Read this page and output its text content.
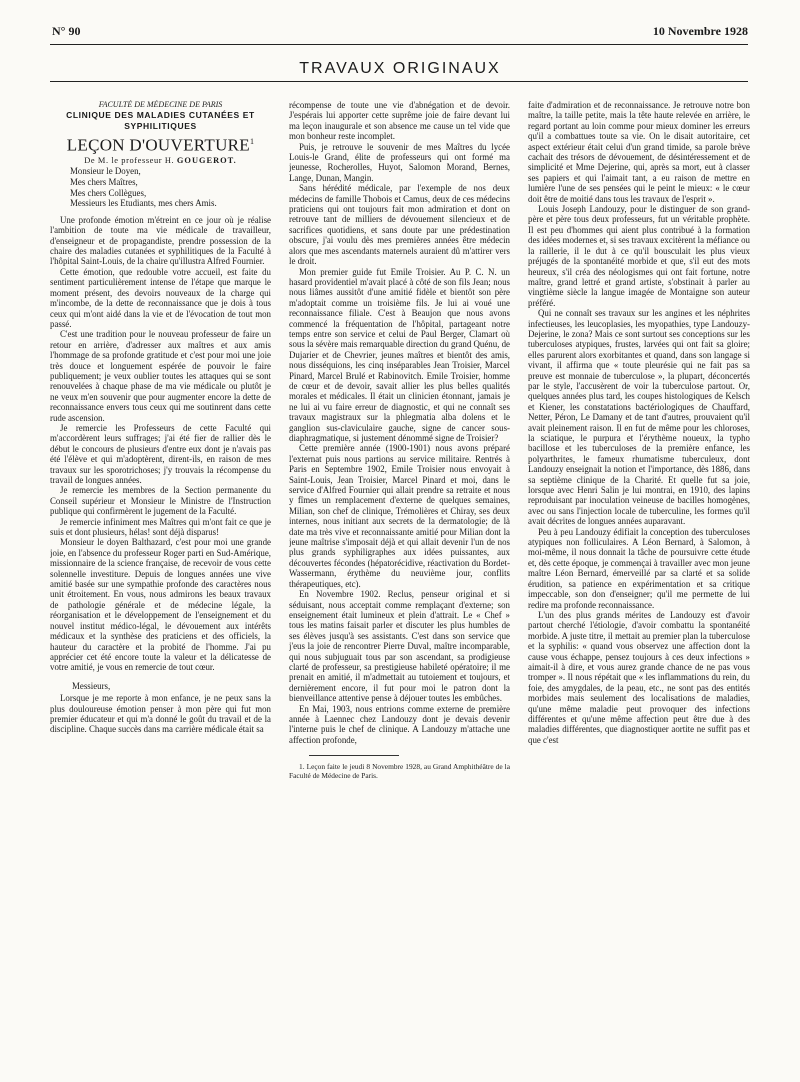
N° 90	10 Novembre 1928
TRAVAUX ORIGINAUX

FACULTÉ DE MÉDECINE DE PARIS

CLINIQUE DES MALADIES CUTANÉES ET SYPHILITIQUES

LEÇON D'OUVERTURE$^1$

De M. le professeur H. GOUGEROT.

Monsieur le Doyen,
Mes chers Maîtres,
Mes chers Collègues,
Messieurs les Etudiants, mes chers Amis.

Une profonde émotion m'étreint en ce jour où je réalise l'ambition de toute ma vie médicale de travailleur, d'enseigneur et de propagandiste, prendre possession de la chaire des maladies cutanées et syphilitiques de la Faculté à l'hôpital Saint-Louis, de la chaire qu'illustra Alfred Fournier.

Cette émotion, que redouble votre accueil, est faite du sentiment particulièrement intense de l'étape que marque le moment présent, des devoirs nouveaux de la charge qui m'incombe, de la dette de reconnaissance que je dois à tous ceux qui m'ont aidé dans la vie et de l'évocation de tout mon passé.

C'est une tradition pour le nouveau professeur de faire un retour en arrière, d'adresser aux maîtres et aux amis l'hommage de sa profonde gratitude et c'est pour moi une joie très douce et longuement espérée de pouvoir le faire publiquement; je veux oublier toutes les attaques qui se sont renouvelées à chaque phase de ma vie médicale ou plutôt je ne veux m'en souvenir que pour augmenter encore la dette de reconnaissance envers tous ceux qui me soutinrent dans cette rude ascension.

Je remercie les Professeurs de cette Faculté qui m'accordèrent leurs suffrages; j'ai été fier de rallier dès le début le concours de plusieurs d'entre eux dont je n'avais pas été l'élève et qui m'adoptèrent, dirent-ils, en raison de mes travaux sur les sporotrichoses; j'y trouvais la récompense du travail de longues années.

Je remercie les membres de la Section permanente du Conseil supérieur et Monsieur le Ministre de l'Instruction publique qui confirmèrent le jugement de la Faculté.

Je remercie infiniment mes Maîtres qui m'ont fait ce que je suis et dont plusieurs, hélas! sont déjà disparus!

Monsieur le doyen Balthazard, c'est pour moi une grande joie, en l'absence du professeur Roger parti en Sud-Amérique, missionnaire de la science française, de recevoir de vous cette solennelle investiture. Depuis de longues années une vive amitié basée sur une sympathie profonde des caractères nous unit étroitement. En vous, nous admirons les beaux travaux de pathologie générale et de médecine légale, la réorganisation et le développement de l'enseignement et du nouvel institut médico-légal, le dévouement aux intérêts médicaux et la synthèse des praticiens et des officiels, la hauteur du caractère et la probité de l'homme. J'ai pu apprécier cet été encore toute la valeur et la délicatesse de votre amitié, je vous en remercie de tout cœur.

Messieurs,

Lorsque je me reporte à mon enfance, je ne peux sans la plus douloureuse émotion penser à mon père qui fut mon premier éducateur et qui m'a donné le goût du travail et de la discipline. Chaque succès dans ma carrière médicale était sa

récompense de toute une vie d'abnégation et de devoir. J'espérais lui apporter cette suprême joie de faire devant lui ma leçon inaugurale et son absence me cause un tel vide que mon bonheur reste incomplet.

Puis, je retrouve le souvenir de mes Maîtres du lycée Louis-le Grand, élite de professeurs qui ont formé ma jeunesse, Rocherolles, Huyot, Salomon Morand, Bernes, Lange, Dunan, Mangin.

Sans hérédité médicale, par l'exemple de nos deux médecins de famille Thobois et Camus, deux de ces médecins praticiens qui ont toujours fait mon admiration et dont on retrouve tant de milliers de dévouement silencieux et de sacrifices quotidiens, et sans doute par une prédestination obscure, j'ai voulu dès mes premières années être médecin alors que mes ascendants maternels auraient dû m'attirer vers le droit.

Mon premier guide fut Emile Troisier. Au P. C. N. un hasard providentiel m'avait placé à côté de son fils Jean; nous nous liâmes aussitôt d'une amitié fidèle et bientôt son père m'adoptait comme un troisième fils. Je lui ai voué une reconnaissance filiale. C'est à Beaujon que nous avons commencé la fréquentation de l'hôpital, partageant notre temps entre son service et celui de Paul Berger, Clamart où sous la sévère mais remarquable direction du grand Quénu, de Dujarier et de Chevrier, jeunes maîtres et bientôt des amis, nous disséquions, les cinq inséparables Jean Troisier, Marcel Pinard, Marcel Brulé et Rabinovitch. Emile Troisier, homme de cœur et de devoir, savait allier les plus belles qualités morales et médicales. Il était un clinicien étonnant, jamais je ne lui ai vu faire erreur de diagnostic, et qui ne connaît ses travaux magistraux sur la phlegmatia alba dolens et le ganglion sus-claviculaire gauche, signe de cancer sous-diaphragmatique, si justement dénommé signe de Troisier?

Cette première année (1900-1901) nous avons préparé l'externat puis nous partions au service militaire. Rentrés à Paris en Septembre 1902, Emile Troisier nous envoyait à Saint-Louis, Jean Troisier, Marcel Pinard et moi, dans le service d'Alfred Fournier qui allait prendre sa retraite et nous y fîmes un remplacement d'externe de quelques semaines, Milian, son chef de clinique, Trémolières et Chiray, ses deux internes, nous initiant aux secrets de la dermatologie; de là date ma très vive et reconnaissante amitié pour Milian dont la jeune maîtrise s'imposait déjà et qui allait devenir l'un de nos plus grands syphiligraphes aux idées puissantes, aux découvertes fécondes (hépatorécidive, réactivation du Bordet-Wassermann, érythème du neuvième jour, conflits thérapeutiques, etc).

En Novembre 1902. Reclus, penseur original et si séduisant, nous acceptait comme remplaçant d'externe; son enseignement était lumineux et plein d'attrait. Le « Chef » tous les matins faisait parler et discuter les plus humbles de ses élèves jusqu'à ses assistants. C'est dans son service que j'eus la joie de rencontrer Pierre Duval, maître incomparable, qui nous subjuguait tous par son ascendant, sa prodigieuse clarté de professeur, sa prestigieuse habileté opératoire; il me prenait en amitié, il m'admettait au tutoiement et toujours, et dernièrement encore, il fut pour moi le patron dont la bienveillance attentive pense à déjouer toutes les embûches.

En Mai, 1903, nous entrions comme externe de première année à Laennec chez Landouzy dont je devais devenir l'interne puis le chef de clinique. A Landouzy m'attache une affection profonde,

1. Leçon faite le jeudi 8 Novembre 1928, au Grand Amphithéâtre de la Faculté de Médecine de Paris.

faite d'admiration et de reconnaissance. Je retrouve notre bon maître, la taille petite, mais la tête haute relevée en arrière, le regard portant au loin comme pour mieux dominer les erreurs qu'il a combattues toute sa vie. On le disait autoritaire, cet aspect extérieur était celui d'un grand timide, sa parole brève cachait des trésors de dévouement, de désintéressement et de simplicité et Mme Dejerine, qui, après sa mort, eut à classer ses papiers et qui l'aimait tant, a eu raison de mettre en lumière l'une de ses pensées qui le peint le mieux: « le cœur doit être de moitié dans tous les travaux de l'esprit ».

Louis Joseph Landouzy, pour le distinguer de son grand-père et père tous deux professeurs, fut un véritable prophète. Il est peu d'hommes qui aient plus contribué à la formation des idées modernes et, si ses travaux excitèrent la méfiance ou la raillerie, il le dut à ce qu'il bousculait les plus vieux préjugés de la spontanéité morbide et que, s'il eut des mots heureux, s'il créa des néologismes qui ont fait fortune, notre maître, grand lettré et grand artiste, s'obstinait à parler au vingtième siècle la langue imagée de Montaigne son auteur préféré.

Qui ne connaît ses travaux sur les angines et les néphrites infectieuses, les leucoplasies, les myopathies, type Landouzy-Dejerine, le zona? Mais ce sont surtout ses conceptions sur les tuberculoses atypiques, frustes, larvées qui ont fait sa gloire; elles parurent alors exorbitantes et quand, dans son langage si vivant, il affirma que « toute pleurésie qui ne fait pas sa preuve est monnaie de tuberculose », la plupart, déconcertés par le style, l'accusèrent de voir la tuberculose partout. Or, quelques années plus tard, les coupes histologiques de Kelsch et Kiener, les constatations bactériologiques de Chauffard, Netter, Péron, Le Damany et de tant d'autres, prouvaient qu'il avait pleinement raison. Il en fut de même pour les chloroses, la sciatique, le purpura et l'érythème noueux, la typho bacillose et les tuberculoses de la première enfance, les polyarthrites, le fameux rhumatisme tuberculeux, dont Landouzy enseignait la notion et l'importance, dès 1886, dans sa septième clinique de la Charité. Et quelle fut sa joie, lorsque avec Henri Salin je lui montrai, en 1910, des lapins reproduisant par inoculation veineuse de bacilles homogènes, avec ou sans l'injection locale de tuberculine, les formes qu'il avait décrites de longues années auparavant.

Peu à peu Landouzy édifiait la conception des tuberculoses atypiques non folliculaires. A Léon Bernard, à Salomon, à moi-même, il nous donnait la tâche de poursuivre cette étude et, dès cette époque, je commençai à travailler avec mon jeune maître Léon Bernard, émerveillé par sa clarté et sa solide érudition, sa patience en expérimentation et sa critique impeccable, son don d'enseigner; qu'il me permette de lui redire ma profonde reconnaissance.

L'un des plus grands mérites de Landouzy est d'avoir partout cherché l'étiologie, d'avoir combattu la spontanéité morbide. A juste titre, il mettait au premier plan la tuberculose et la syphilis: « quand vous observez une affection dont la cause vous échappe, pensez toujours à ces deux infections » aimait-il à dire, et vous aurez grande chance de ne pas vous tromper ». Il nous répétait que « les inflammations du rein, du foie, des amygdales, de la peau, etc., ne sont pas des entités morbides mais seulement des localisations de maladies, qu'une même maladie peut provoquer des infections différentes et qu'une même affection peut être due à des maladies différentes, que diagnostiquer aortite ne suffit pas et que c'est
